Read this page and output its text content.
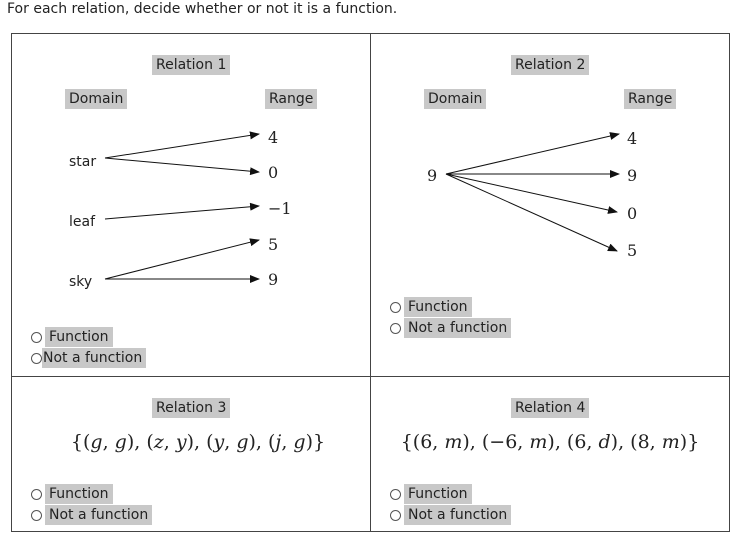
For each relation, decide whether or not it is a function.
Relation 1
Domain	Range
star
leaf
sky
4
0
−1
5
9
Function
Not a function
Relation 2
Domain	Range
9
4
9
0
5
Function
Not a function
Relation 3
{(g, g), (z, y), (y, g), (j, g)}
Function
Not a function
Relation 4
{(6, m), (−6, m), (6, d), (8, m)}
Function
Not a function
